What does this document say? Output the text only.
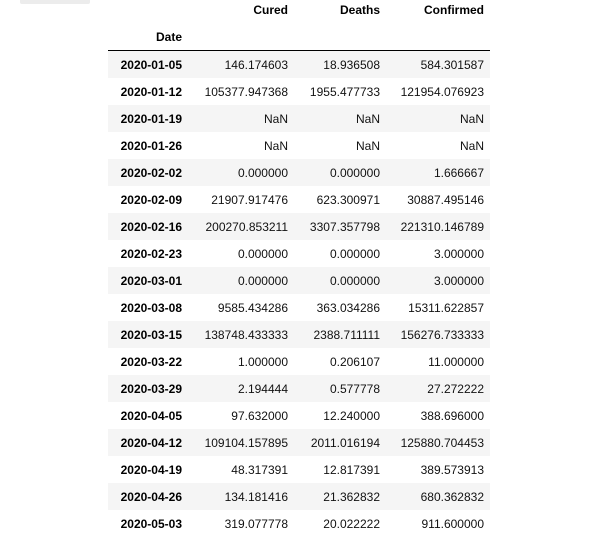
	Cured	Deaths	Confirmed
Date			
2020-01-05	146.174603	18.936508	584.301587
2020-01-12	105377.947368	1955.477733	121954.076923
2020-01-19	NaN	NaN	NaN
2020-01-26	NaN	NaN	NaN
2020-02-02	0.000000	0.000000	1.666667
2020-02-09	21907.917476	623.300971	30887.495146
2020-02-16	200270.853211	3307.357798	221310.146789
2020-02-23	0.000000	0.000000	3.000000
2020-03-01	0.000000	0.000000	3.000000
2020-03-08	9585.434286	363.034286	15311.622857
2020-03-15	138748.433333	2388.711111	156276.733333
2020-03-22	1.000000	0.206107	11.000000
2020-03-29	2.194444	0.577778	27.272222
2020-04-05	97.632000	12.240000	388.696000
2020-04-12	109104.157895	2011.016194	125880.704453
2020-04-19	48.317391	12.817391	389.573913
2020-04-26	134.181416	21.362832	680.362832
2020-05-03	319.077778	20.022222	911.600000
